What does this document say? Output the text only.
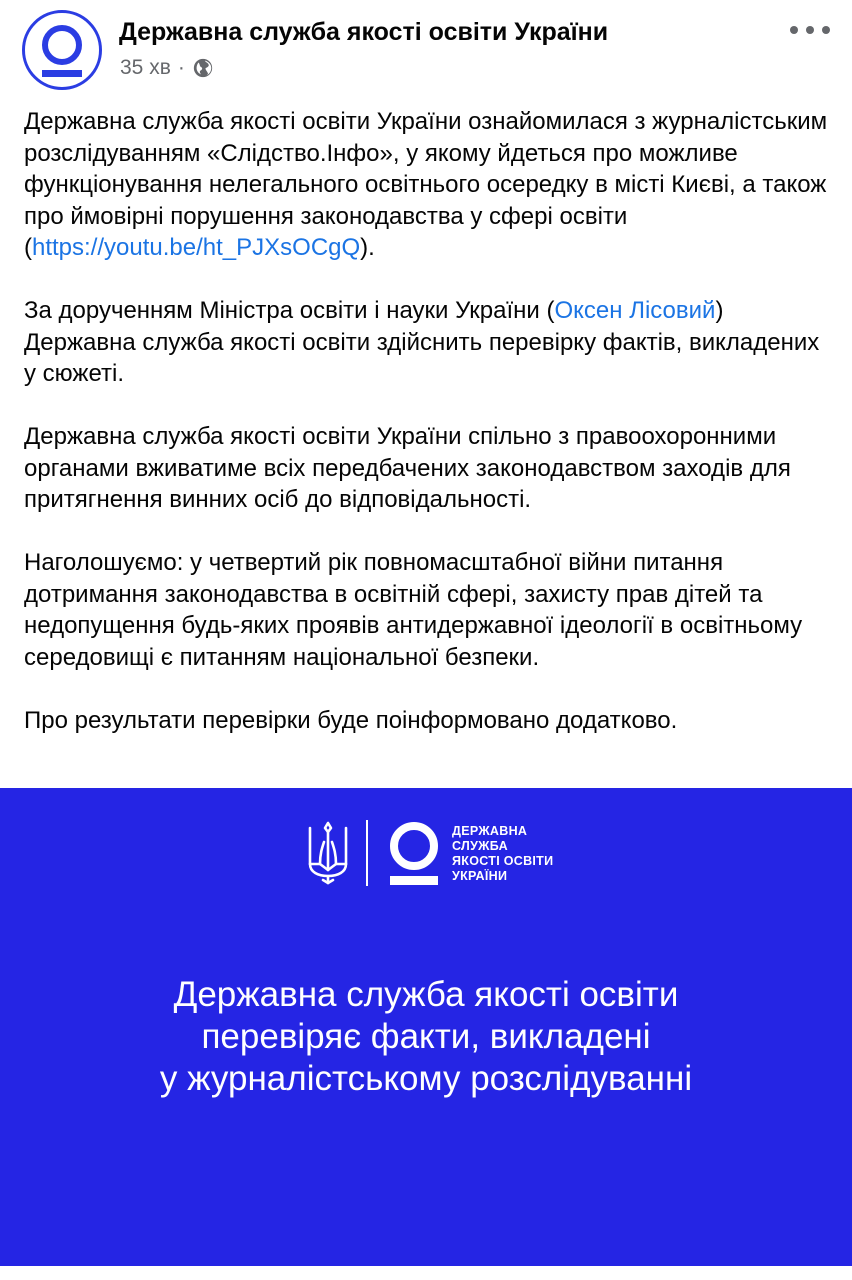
Державна служба якості освіти України
35 хв ·

Державна служба якості освіти України ознайомилася з журналістським розслідуванням «Слідство.Інфо», у якому йдеться про можливе функціонування нелегального освітнього осередку в місті Києві, а також про ймовірні порушення законодавства у сфері освіти (https://youtu.be/ht_PJXsOCgQ).

За дорученням Міністра освіти і науки України (Оксен Лісовий) Державна служба якості освіти здійснить перевірку фактів, викладених у сюжеті.

Державна служба якості освіти України спільно з правоохоронними органами вживатиме всіх передбачених законодавством заходів для притягнення винних осіб до відповідальності.

Наголошуємо: у четвертий рік повномасштабної війни питання дотримання законодавства в освітній сфері, захисту прав дітей та недопущення будь-яких проявів антидержавної ідеології в освітньому середовищі є питанням національної безпеки.

Про результати перевірки буде поінформовано додатково.

ДЕРЖАВНА
СЛУЖБА
ЯКОСТІ ОСВІТИ
УКРАЇНИ
Державна служба якості освіти
перевіряє факти, викладені
у журналістському розслідуванні
